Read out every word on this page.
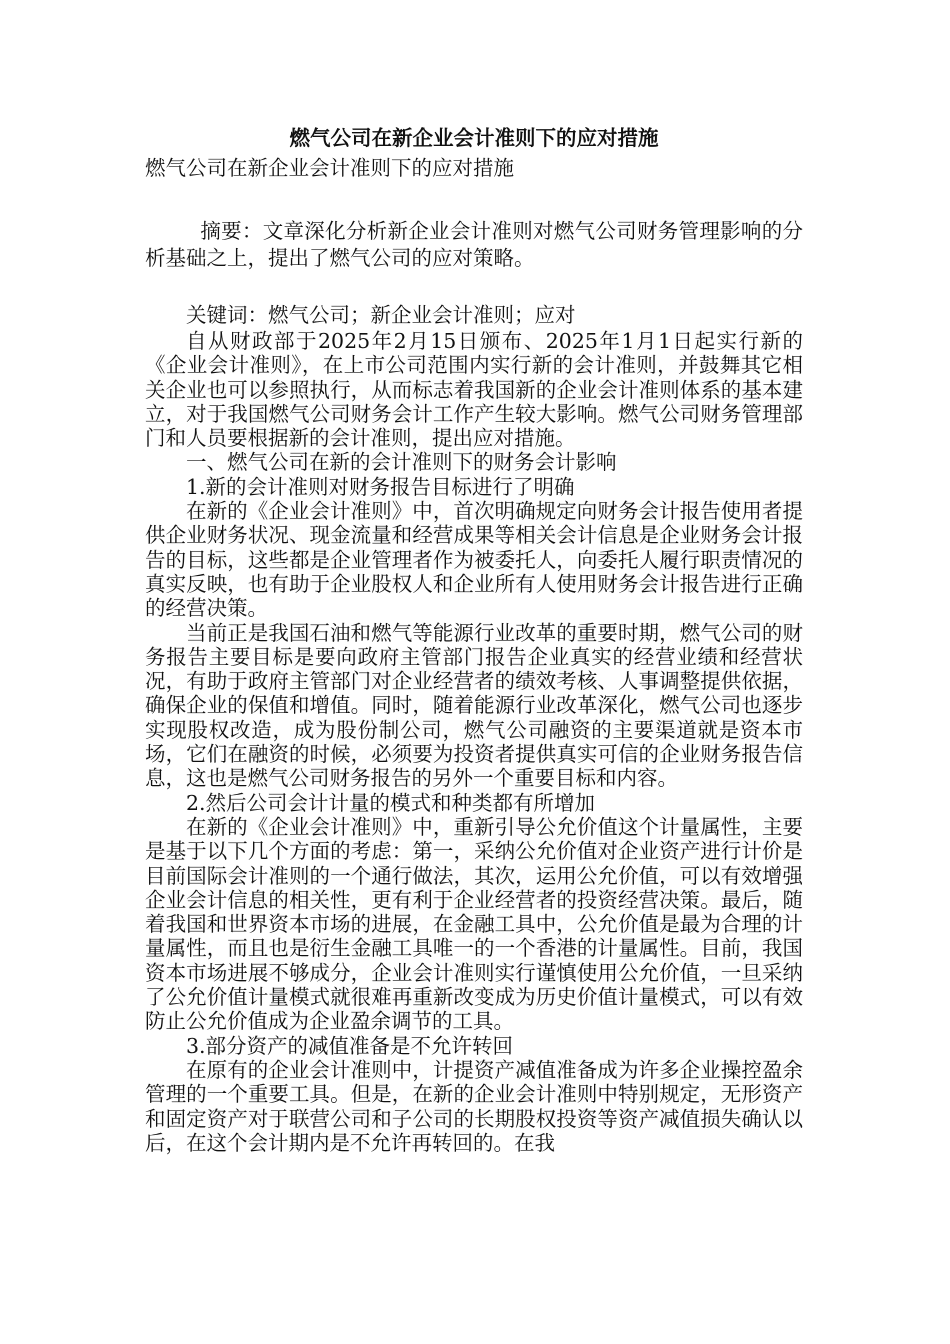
燃气公司在新企业会计准则下的应对措施
燃气公司在新企业会计准则下的应对措施

摘要：文章深化分析新企业会计准则对燃气公司财务管理影响的分析基础之上，提出了燃气公司的应对策略。

关键词：燃气公司；新企业会计准则；应对

自从财政部于2025年2月15日颁布、2025年1月1日起实行新的《企业会计准则》，在上市公司范围内实行新的会计准则，并鼓舞其它相关企业也可以参照执行，从而标志着我国新的企业会计准则体系的基本建立，对于我国燃气公司财务会计工作产生较大影响。燃气公司财务管理部门和人员要根据新的会计准则，提出应对措施。

一、燃气公司在新的会计准则下的财务会计影响

1.新的会计准则对财务报告目标进行了明确

在新的《企业会计准则》中，首次明确规定向财务会计报告使用者提供企业财务状况、现金流量和经营成果等相关会计信息是企业财务会计报告的目标，这些都是企业管理者作为被委托人，向委托人履行职责情况的真实反映，也有助于企业股权人和企业所有人使用财务会计报告进行正确的经营决策。

当前正是我国石油和燃气等能源行业改革的重要时期，燃气公司的财务报告主要目标是要向政府主管部门报告企业真实的经营业绩和经营状况，有助于政府主管部门对企业经营者的绩效考核、人事调整提供依据，确保企业的保值和增值。同时，随着能源行业改革深化，燃气公司也逐步实现股权改造，成为股份制公司，燃气公司融资的主要渠道就是资本市场，它们在融资的时候，必须要为投资者提供真实可信的企业财务报告信息，这也是燃气公司财务报告的另外一个重要目标和内容。

2.然后公司会计计量的模式和种类都有所增加

在新的《企业会计准则》中，重新引导公允价值这个计量属性，主要是基于以下几个方面的考虑：第一，采纳公允价值对企业资产进行计价是目前国际会计准则的一个通行做法，其次，运用公允价值，可以有效增强企业会计信息的相关性，更有利于企业经营者的投资经营决策。最后，随着我国和世界资本市场的进展，在金融工具中，公允价值是最为合理的计量属性，而且也是衍生金融工具唯一的一个香港的计量属性。目前，我国资本市场进展不够成分，企业会计准则实行谨慎使用公允价值，一旦采纳了公允价值计量模式就很难再重新改变成为历史价值计量模式，可以有效防止公允价值成为企业盈余调节的工具。

3.部分资产的减值准备是不允许转回

在原有的企业会计准则中，计提资产减值准备成为许多企业操控盈余管理的一个重要工具。但是，在新的企业会计准则中特别规定，无形资产和固定资产对于联营公司和子公司的长期股权投资等资产减值损失确认以后，在这个会计期内是不允许再转回的。在我
